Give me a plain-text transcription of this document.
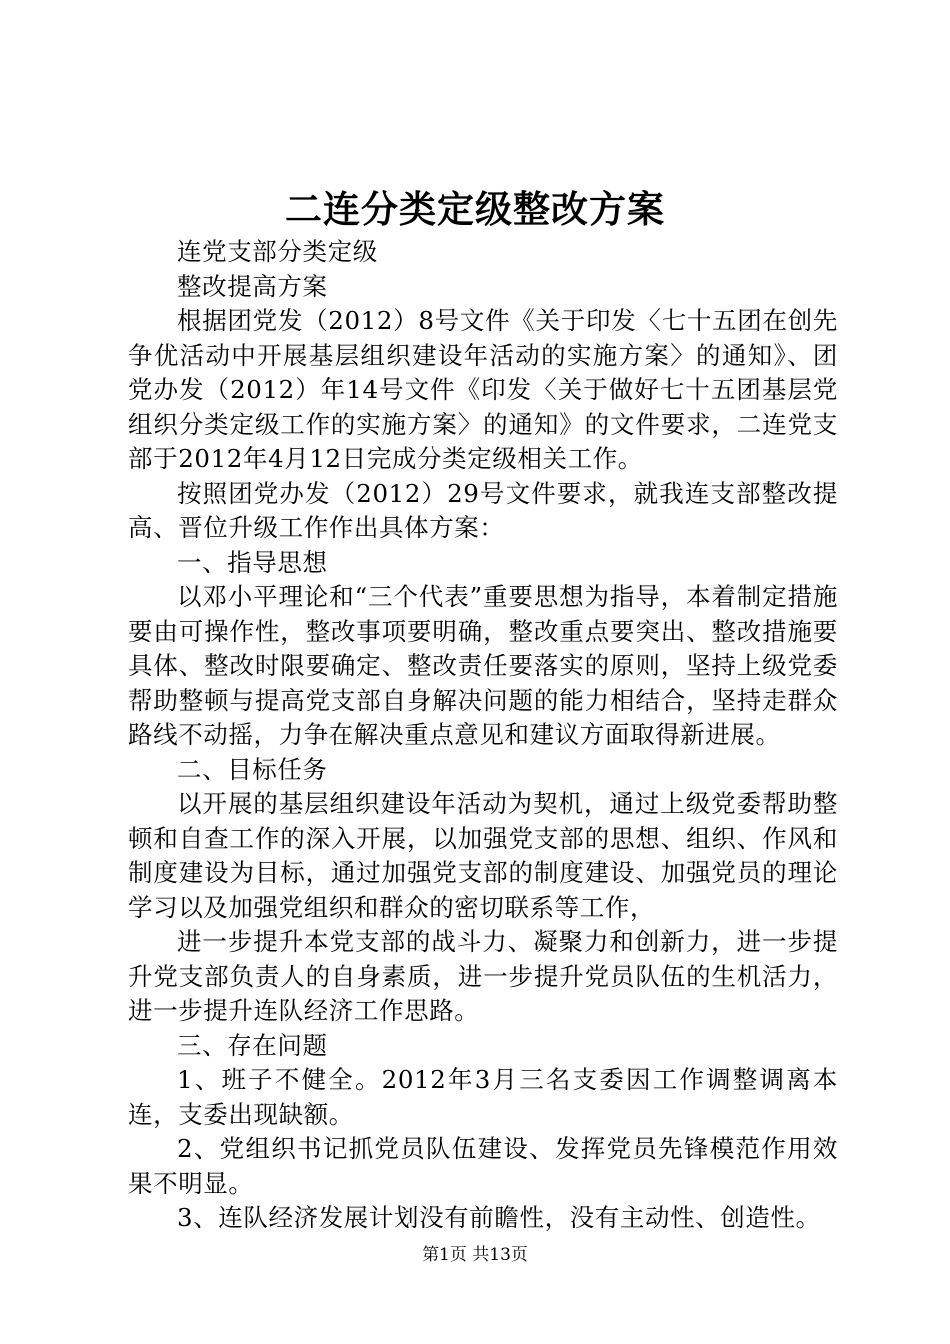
二连分类定级整改方案

连党支部分类定级

整改提高方案

根据团党发（2012）8号文件《关于印发〈七十五团在创先争优活动中开展基层组织建设年活动的实施方案〉的通知》、团党办发（2012）年14号文件《印发〈关于做好七十五团基层党组织分类定级工作的实施方案〉的通知》的文件要求，二连党支部于2012年4月12日完成分类定级相关工作。

按照团党办发（2012）29号文件要求，就我连支部整改提高、晋位升级工作作出具体方案：

一、指导思想

以邓小平理论和“三个代表”重要思想为指导，本着制定措施要由可操作性，整改事项要明确，整改重点要突出、整改措施要具体、整改时限要确定、整改责任要落实的原则，坚持上级党委帮助整顿与提高党支部自身解决问题的能力相结合，坚持走群众路线不动摇，力争在解决重点意见和建议方面取得新进展。

二、目标任务

以开展的基层组织建设年活动为契机，通过上级党委帮助整顿和自查工作的深入开展，以加强党支部的思想、组织、作风和制度建设为目标，通过加强党支部的制度建设、加强党员的理论学习以及加强党组织和群众的密切联系等工作，

进一步提升本党支部的战斗力、凝聚力和创新力，进一步提升党支部负责人的自身素质，进一步提升党员队伍的生机活力，进一步提升连队经济工作思路。

三、存在问题

1、班子不健全。2012年3月三名支委因工作调整调离本连，支委出现缺额。

2、党组织书记抓党员队伍建设、发挥党员先锋模范作用效果不明显。

3、连队经济发展计划没有前瞻性，没有主动性、创造性。

第1页 共13页
